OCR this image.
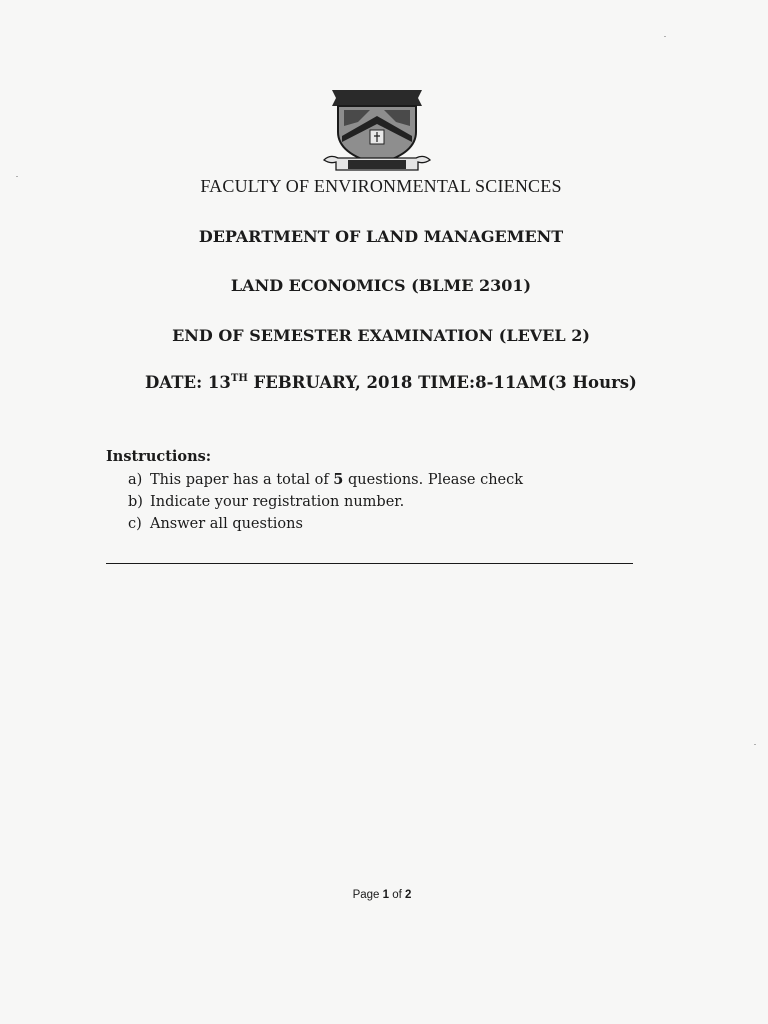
FACULTY OF ENVIRONMENTAL SCIENCES
DEPARTMENT OF LAND MANAGEMENT
LAND ECONOMICS (BLME 2301)
END OF SEMESTER EXAMINATION (LEVEL 2)
DATE: 13TH FEBRUARY, 2018 TIME:8-11AM(3 Hours)
Instructions:
a) This paper has a total of 5 questions. Please check
b) Indicate your registration number.
c) Answer all questions
Page 1 of 2
